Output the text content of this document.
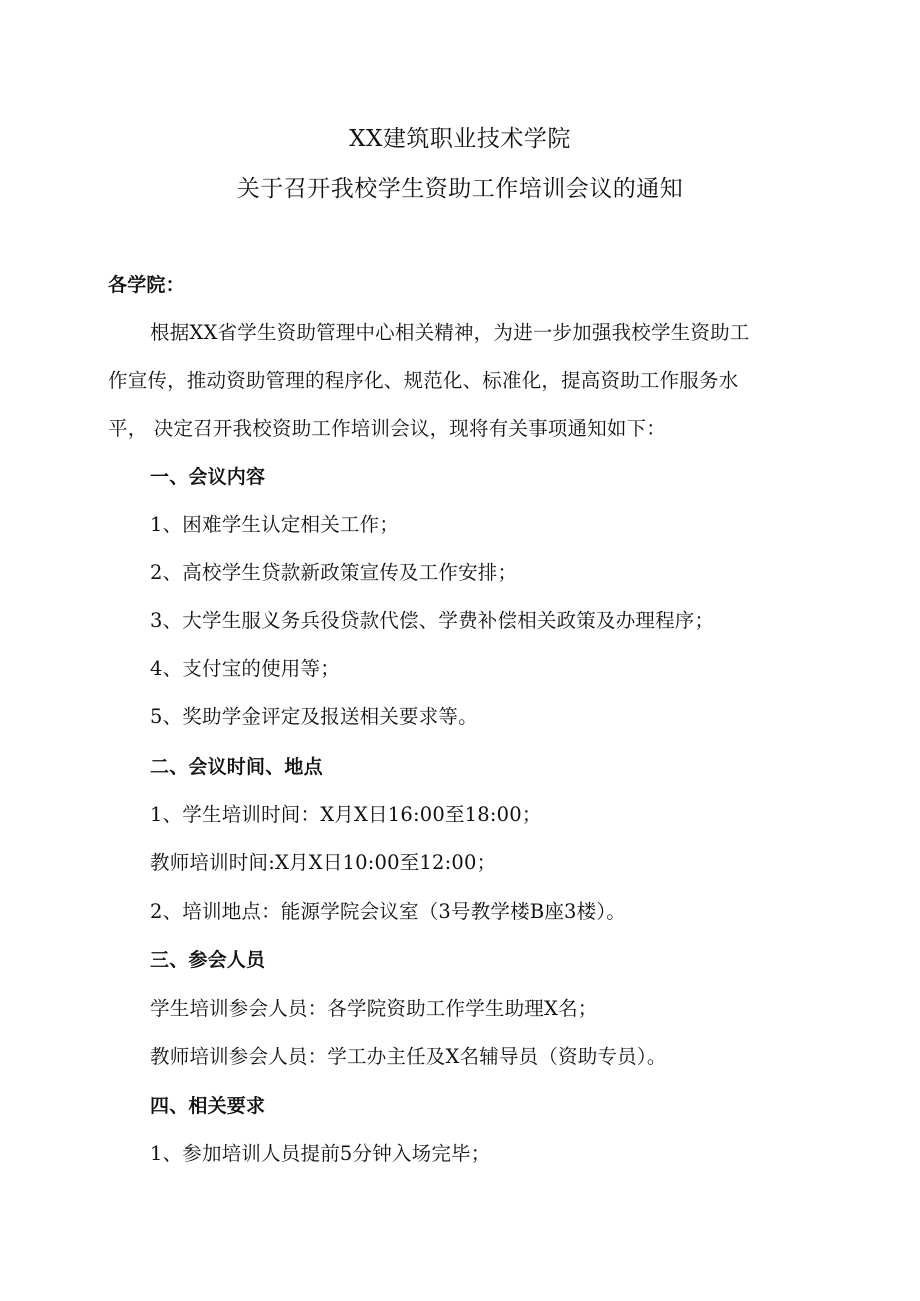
XX建筑职业技术学院
关于召开我校学生资助工作培训会议的通知
各学院：
根据XX省学生资助管理中心相关精神，为进一步加强我校学生资助工
作宣传，推动资助管理的程序化、规范化、标准化，提高资助工作服务水
平， 决定召开我校资助工作培训会议，现将有关事项通知如下：
一、会议内容
1、困难学生认定相关工作；
2、高校学生贷款新政策宣传及工作安排；
3、大学生服义务兵役贷款代偿、学费补偿相关政策及办理程序；
4、支付宝的使用等；
5、奖助学金评定及报送相关要求等。
二、会议时间、地点
1、学生培训时间：X月X日16:00至18:00；
教师培训时间:X月X日10:00至12:00；
2、培训地点：能源学院会议室（3号教学楼B座3楼）。
三、参会人员
学生培训参会人员：各学院资助工作学生助理X名；
教师培训参会人员：学工办主任及X名辅导员（资助专员）。
四、相关要求
1、参加培训人员提前5分钟入场完毕；
